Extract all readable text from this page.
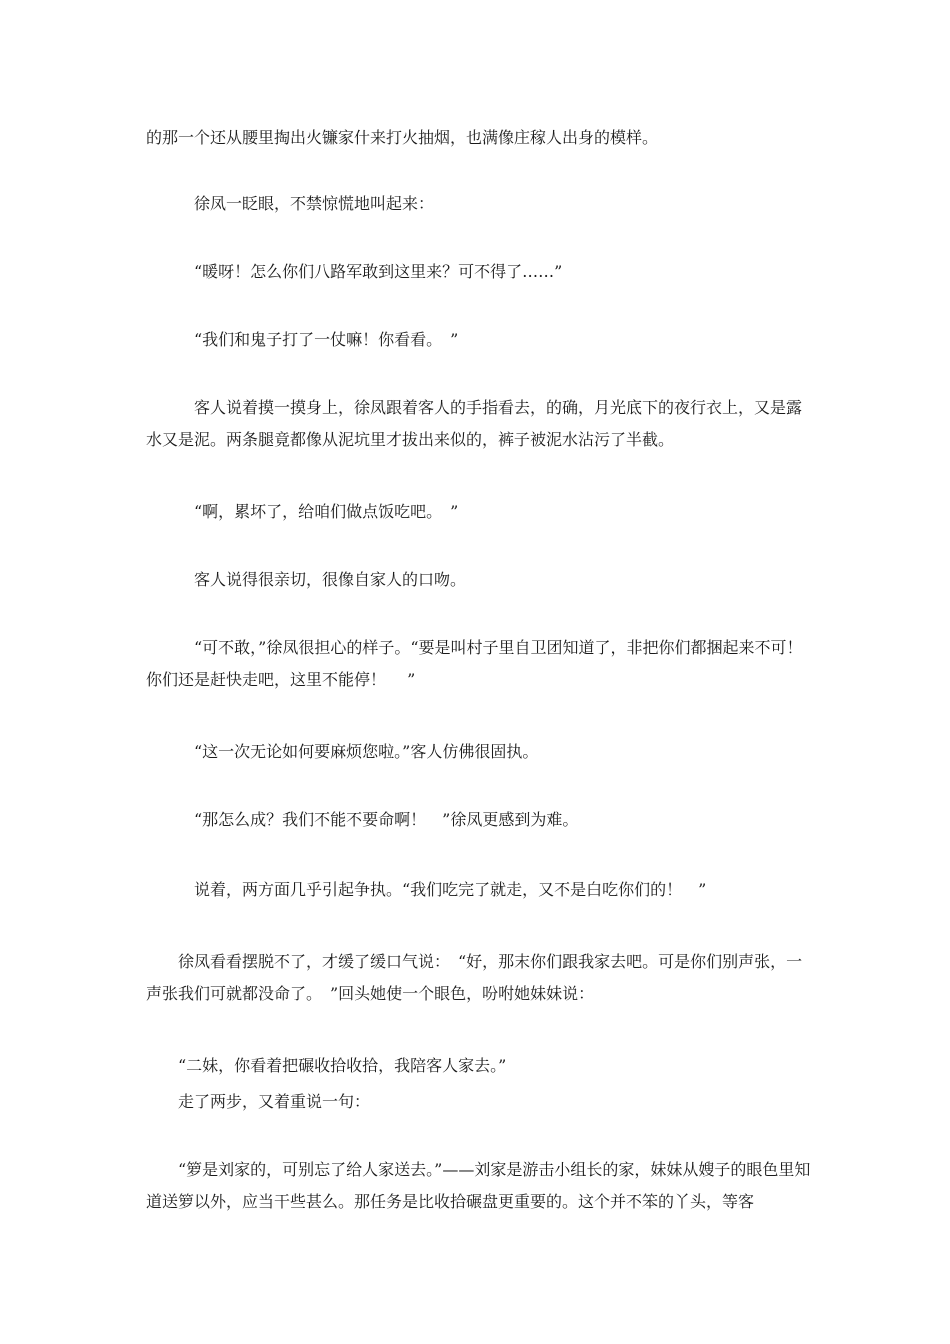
的那一个还从腰里掏出火镰家什来打火抽烟，也满像庄稼人出身的模样。

　　　徐凤一眨眼，不禁惊慌地叫起来：

　　　“暖呀！怎么你们八路军敢到这里来？可不得了……”

　　　“我们和鬼子打了一仗嘛！你看看。　”

　　　客人说着摸一摸身上，徐凤跟着客人的手指看去，的确，月光底下的夜行衣上，又是露水又是泥。两条腿竟都像从泥坑里才拔出来似的，裤子被泥水沾污了半截。

　　　“啊，累坏了，给咱们做点饭吃吧。　”

　　　客人说得很亲切，很像自家人的口吻。

　　　“可不敢，”徐凤很担心的样子。“要是叫村子里自卫团知道了，非把你们都捆起来不可！你们还是赶快走吧，这里不能停！　 ”

　　　“这一次无论如何要麻烦您啦。”客人仿佛很固执。

　　　“那怎么成？我们不能不要命啊！　”徐凤更感到为难。

　　　说着，两方面几乎引起争执。“我们吃完了就走，又不是白吃你们的！　”

　　徐凤看看摆脱不了，才缓了缓口气说：　“好，那末你们跟我家去吧。可是你们别声张，一声张我们可就都没命了。　”回头她使一个眼色，吩咐她妹妹说：

　　“二妹，你看着把碾收拾收拾，我陪客人家去。”

　　走了两步，又着重说一句：

　　“箩是刘家的，可别忘了给人家送去。”——刘家是游击小组长的家，妹妹从嫂子的眼色里知道送箩以外，应当干些甚么。那任务是比收拾碾盘更重要的。这个并不笨的丫头，等客
